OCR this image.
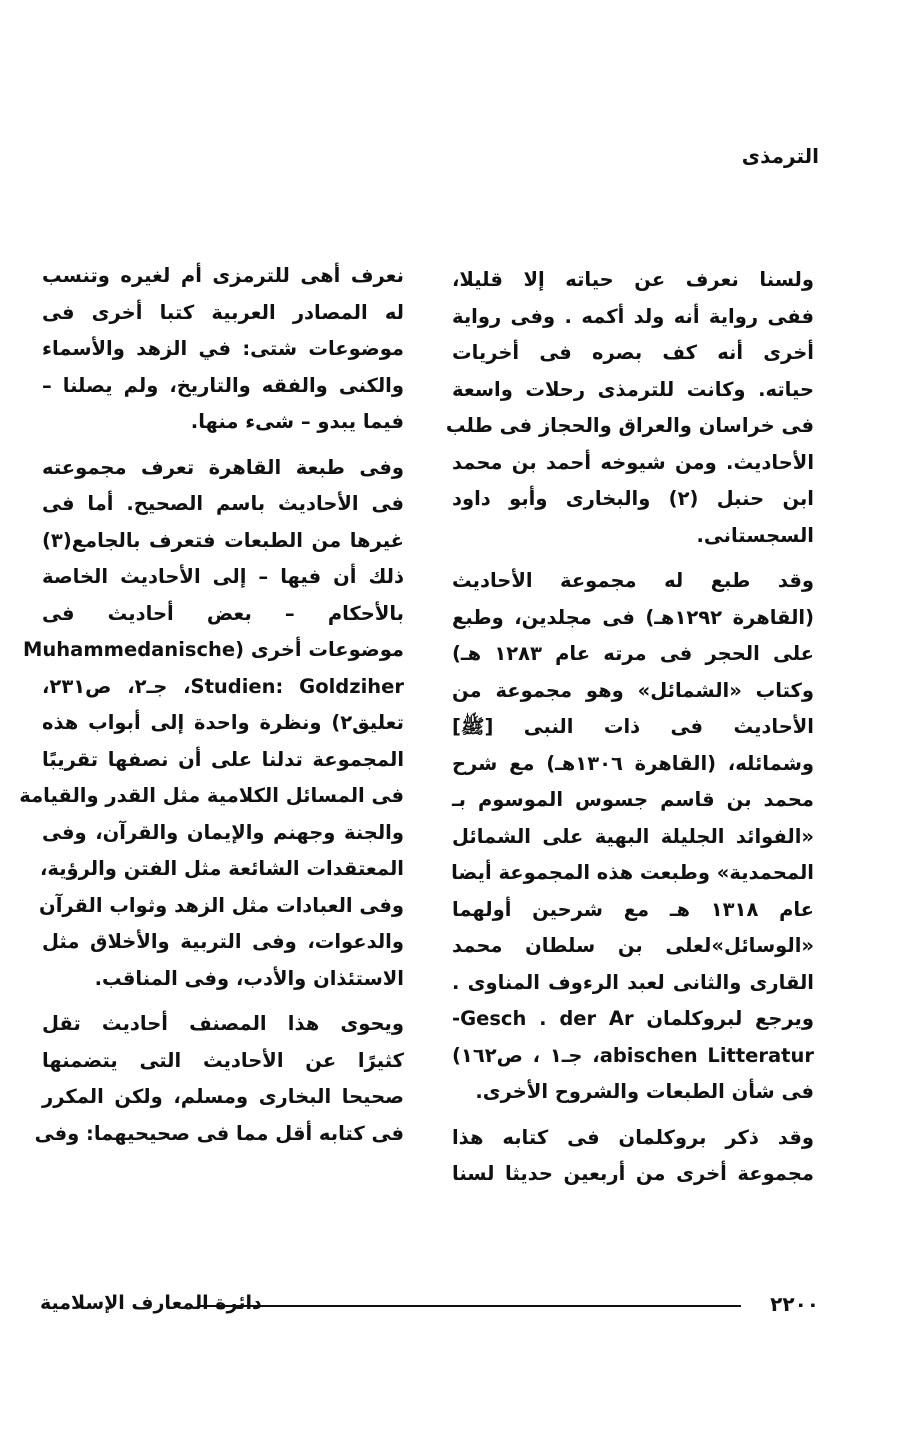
الترمذى

ولسنا نعرف عن حياته إلا قليلا،
ففى رواية أنه ولد أكمه . وفى رواية
أخرى أنه كف بصره فى أخريات
حياته. وكانت للترمذى رحلات واسعة
فى خراسان والعراق والحجاز فى طلب
الأحاديث. ومن شيوخه أحمد بن محمد
ابن حنبل (٢) والبخارى وأبو داود
السجستانى.

وقد طبع له مجموعة الأحاديث
(القاهرة ١٢٩٢هـ) فى مجلدين، وطبع
على الحجر فى مرته عام ١٢٨٣ هـ)
وكتاب «الشمائل» وهو مجموعة من
الأحاديث فى ذات النبى [ﷺ]
وشمائله، (القاهرة ١٣٠٦هـ) مع شرح
محمد بن قاسم جسوس الموسوم بـ
«الفوائد الجليلة البهية على الشمائل
المحمدية» وطبعت هذه المجموعة أيضا
عام ١٣١٨ هـ مع شرحين أولهما
«الوسائل»لعلى بن سلطان محمد
القارى والثانى لعبد الرءوف المناوى .
ويرجع لبروكلمان Gesch . der Ar-
abischen Litteratur، جـ١ ، ص١٦٢)
فى شأن الطبعات والشروح الأخرى.

وقد ذكر بروكلمان فى كتابه هذا
مجموعة أخرى من أربعين حديثا لسنا

نعرف أهى للترمزى أم لغيره وتنسب
له المصادر العربية كتبا أخرى فى
موضوعات شتى: في الزهد والأسماء
والكنى والفقه والتاريخ، ولم يصلنا –
فيما يبدو – شىء منها.

وفى طبعة القاهرة تعرف مجموعته
فى الأحاديث باسم الصحيح. أما فى
غيرها من الطبعات فتعرف بالجامع(٣)
ذلك أن فيها – إلى الأحاديث الخاصة
بالأحكام – بعض أحاديث فى
موضوعات أخرى (Muhammedanische
Studien: Goldziher، جـ٢، ص٢٣١،
تعليق٢) ونظرة واحدة إلى أبواب هذه
المجموعة تدلنا على أن نصفها تقريبًا
فى المسائل الكلامية مثل القدر والقيامة
والجنة وجهنم والإيمان والقرآن، وفى
المعتقدات الشائعة مثل الفتن والرؤية،
وفى العبادات مثل الزهد وثواب القرآن
والدعوات، وفى التربية والأخلاق مثل
الاستئذان والأدب، وفى المناقب.

ويحوى هذا المصنف أحاديث تقل
كثيرًا عن الأحاديث التى يتضمنها
صحيحا البخارى ومسلم، ولكن المكرر
فى كتابه أقل مما فى صحيحيهما: وفى

٢٢٠٠
دائرة المعارف الإسلامية
